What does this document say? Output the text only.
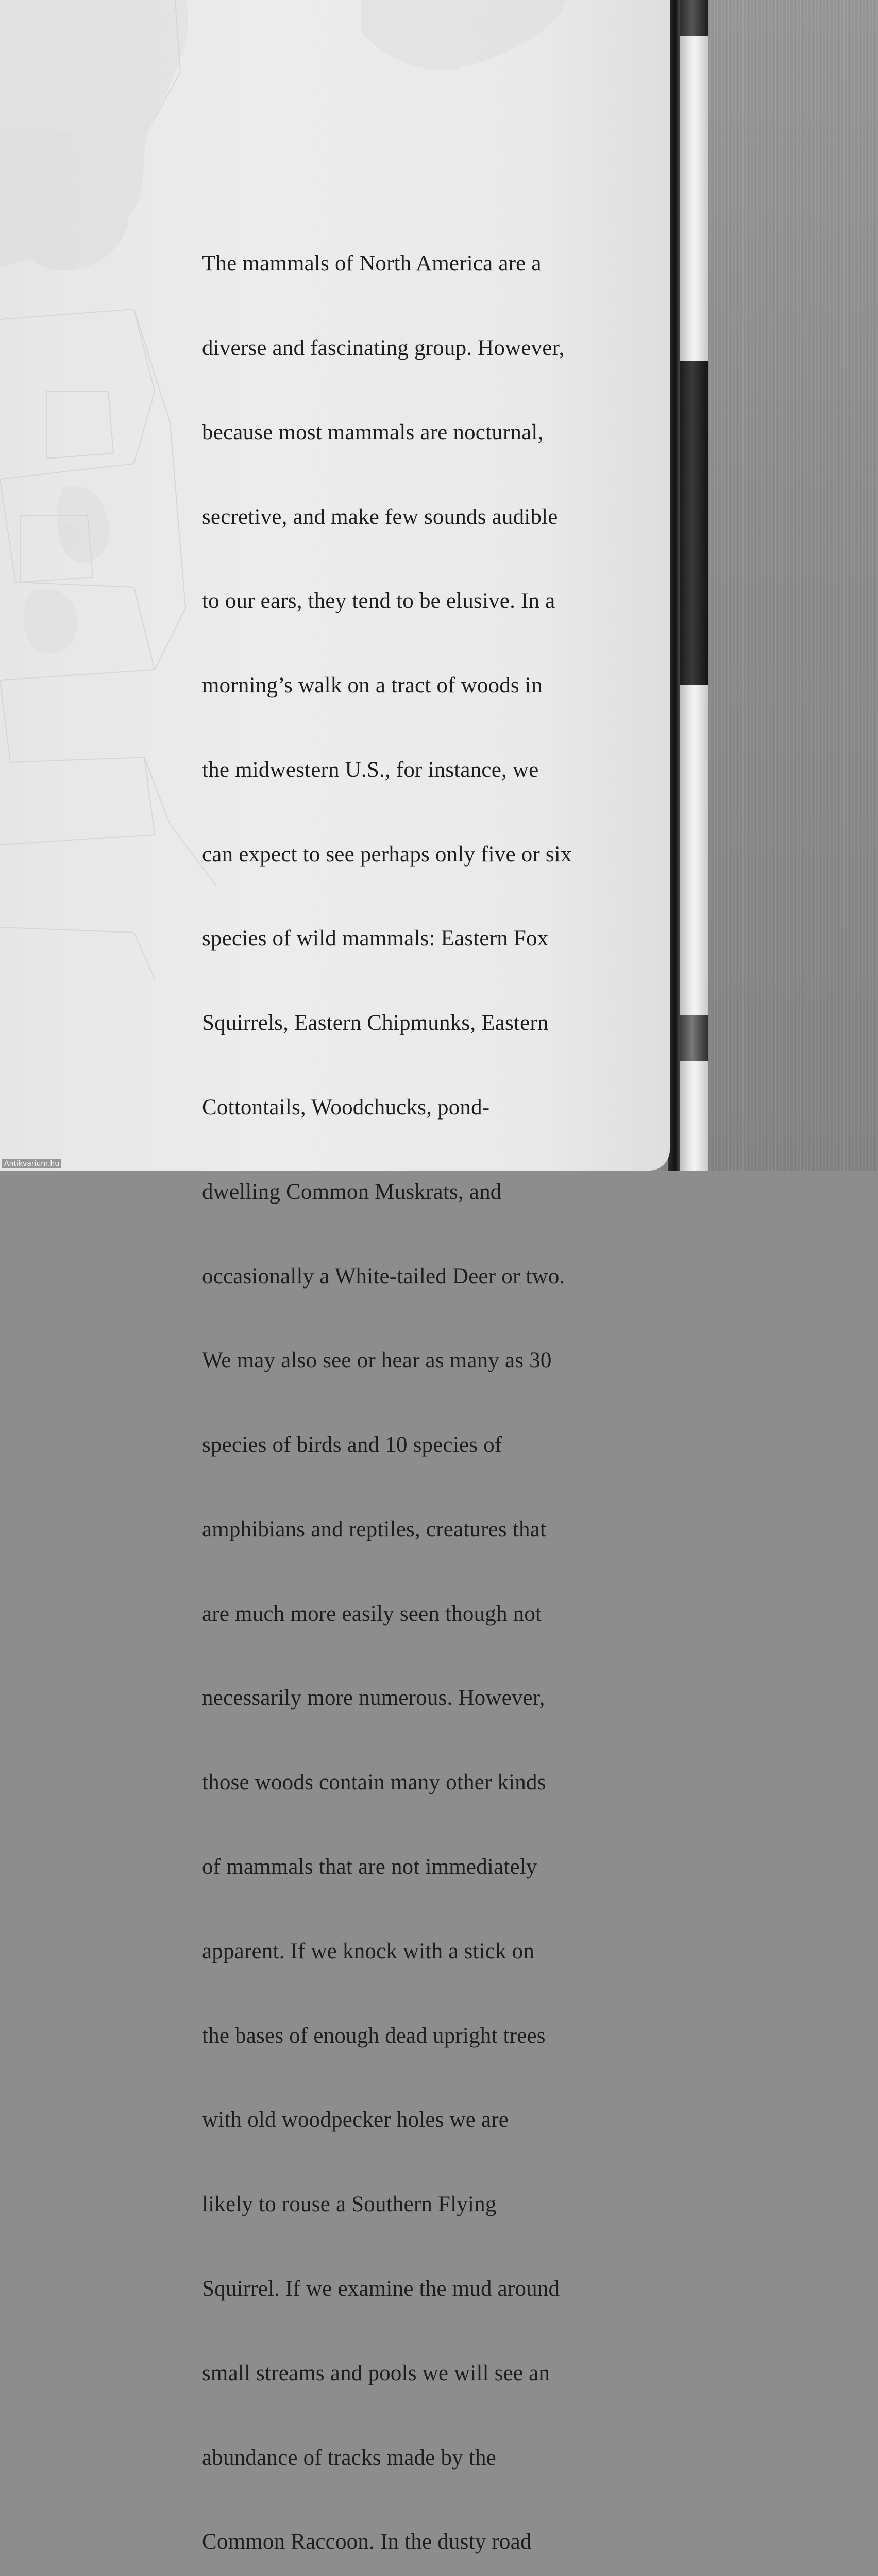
The mammals of North America are a

diverse and fascinating group. However,

because most mammals are nocturnal,

secretive, and make few sounds audible

to our ears, they tend to be elusive. In a

morning’s walk on a tract of woods in

the midwestern U.S., for instance, we

can expect to see perhaps only five or six

species of wild mammals: Eastern Fox

Squirrels, Eastern Chipmunks, Eastern

Cottontails, Woodchucks, pond-

dwelling Common Muskrats, and

occasionally a White-tailed Deer or two.

We may also see or hear as many as 30

species of birds and 10 species of

amphibians and reptiles, creatures that

are much more easily seen though not

necessarily more numerous. However,

those woods contain many other kinds

of mammals that are not immediately

apparent. If we knock with a stick on

the bases of enough dead upright trees

with old woodpecker holes we are

likely to rouse a Southern Flying

Squirrel. If we examine the mud around

small streams and pools we will see an

abundance of tracks made by the

Common Raccoon. In the dusty road

Antikvarium.hu
